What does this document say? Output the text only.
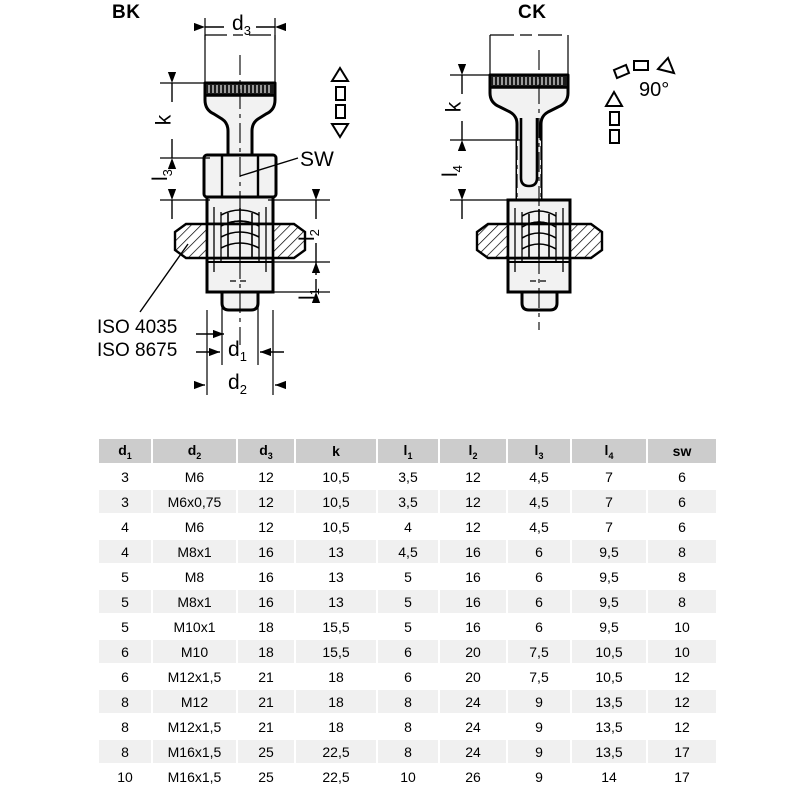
BK	CK
$d_3$
k
$l_3$
$l_2$
$l_1$
$d_1$
$d_2$
SW
ISO 4035
ISO 8675
k
$l_4$
90°
$d_1$	$d_2$	$d_3$	k	$l_1$	$l_2$	$l_3$	$l_4$	sw
3	M6	12	10,5	3,5	12	4,5	7	6
3	M6x0,75	12	10,5	3,5	12	4,5	7	6
4	M6	12	10,5	4	12	4,5	7	6
4	M8x1	16	13	4,5	16	6	9,5	8
5	M8	16	13	5	16	6	9,5	8
5	M8x1	16	13	5	16	6	9,5	8
5	M10x1	18	15,5	5	16	6	9,5	10
6	M10	18	15,5	6	20	7,5	10,5	10
6	M12x1,5	21	18	6	20	7,5	10,5	12
8	M12	21	18	8	24	9	13,5	12
8	M12x1,5	21	18	8	24	9	13,5	12
8	M16x1,5	25	22,5	8	24	9	13,5	17
10	M16x1,5	25	22,5	10	26	9	14	17
